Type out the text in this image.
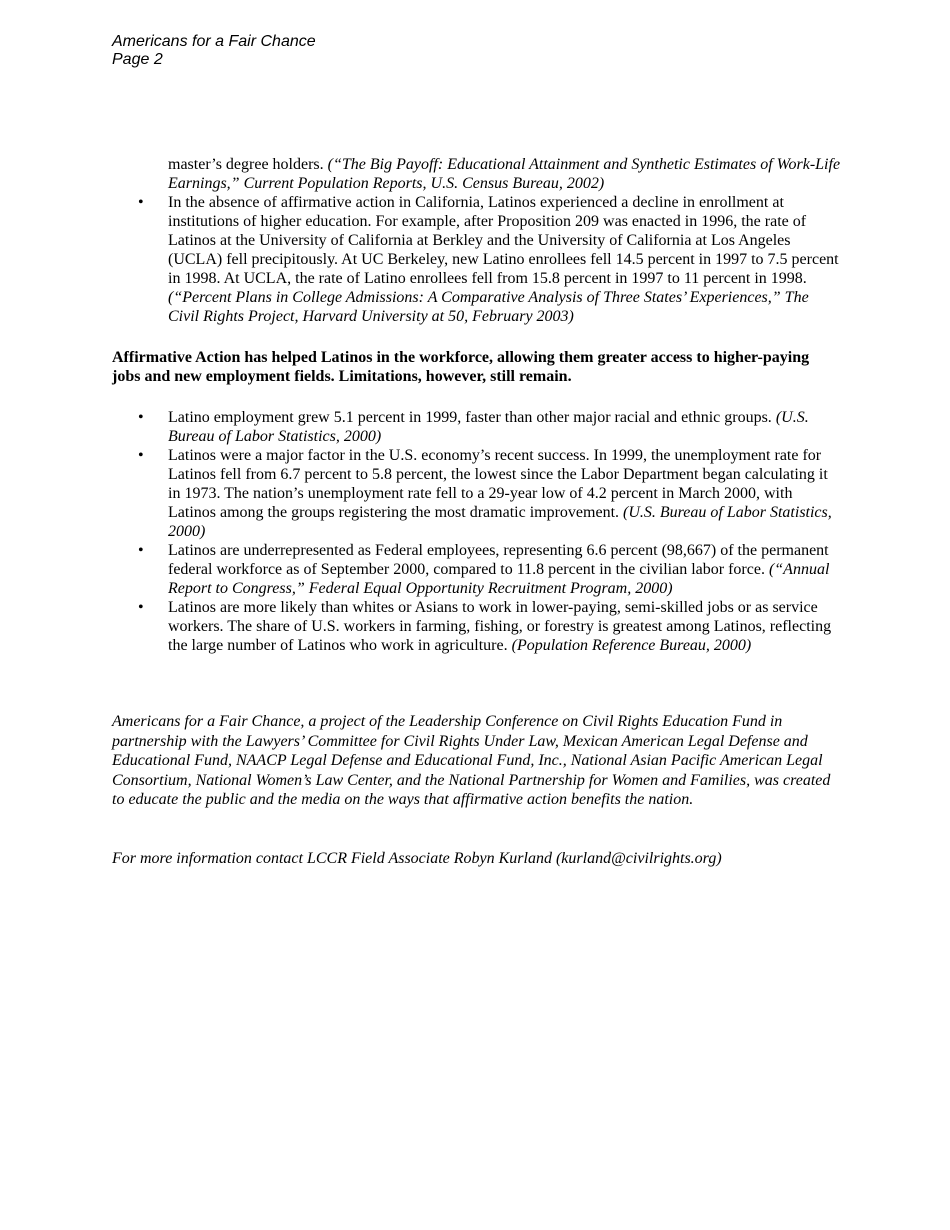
Americans for a Fair Chance
Page 2
master’s degree holders. (“The Big Payoff: Educational Attainment and Synthetic Estimates of Work-Life Earnings,” Current Population Reports, U.S. Census Bureau, 2002)
• In the absence of affirmative action in California, Latinos experienced a decline in enrollment at institutions of higher education. For example, after Proposition 209 was enacted in 1996, the rate of Latinos at the University of California at Berkley and the University of California at Los Angeles (UCLA) fell precipitously. At UC Berkeley, new Latino enrollees fell 14.5 percent in 1997 to 7.5 percent in 1998. At UCLA, the rate of Latino enrollees fell from 15.8 percent in 1997 to 11 percent in 1998. (“Percent Plans in College Admissions: A Comparative Analysis of Three States’ Experiences,” The Civil Rights Project, Harvard University at 50, February 2003)
Affirmative Action has helped Latinos in the workforce, allowing them greater access to higher-paying jobs and new employment fields. Limitations, however, still remain.
• Latino employment grew 5.1 percent in 1999, faster than other major racial and ethnic groups. (U.S. Bureau of Labor Statistics, 2000)
• Latinos were a major factor in the U.S. economy’s recent success. In 1999, the unemployment rate for Latinos fell from 6.7 percent to 5.8 percent, the lowest since the Labor Department began calculating it in 1973. The nation’s unemployment rate fell to a 29-year low of 4.2 percent in March 2000, with Latinos among the groups registering the most dramatic improvement. (U.S. Bureau of Labor Statistics, 2000)
• Latinos are underrepresented as Federal employees, representing 6.6 percent (98,667) of the permanent federal workforce as of September 2000, compared to 11.8 percent in the civilian labor force. (“Annual Report to Congress,” Federal Equal Opportunity Recruitment Program, 2000)
• Latinos are more likely than whites or Asians to work in lower-paying, semi-skilled jobs or as service workers. The share of U.S. workers in farming, fishing, or forestry is greatest among Latinos, reflecting the large number of Latinos who work in agriculture. (Population Reference Bureau, 2000)
Americans for a Fair Chance, a project of the Leadership Conference on Civil Rights Education Fund in partnership with the Lawyers’ Committee for Civil Rights Under Law, Mexican American Legal Defense and Educational Fund, NAACP Legal Defense and Educational Fund, Inc., National Asian Pacific American Legal Consortium, National Women’s Law Center, and the National Partnership for Women and Families, was created to educate the public and the media on the ways that affirmative action benefits the nation.
For more information contact LCCR Field Associate Robyn Kurland (kurland@civilrights.org)
